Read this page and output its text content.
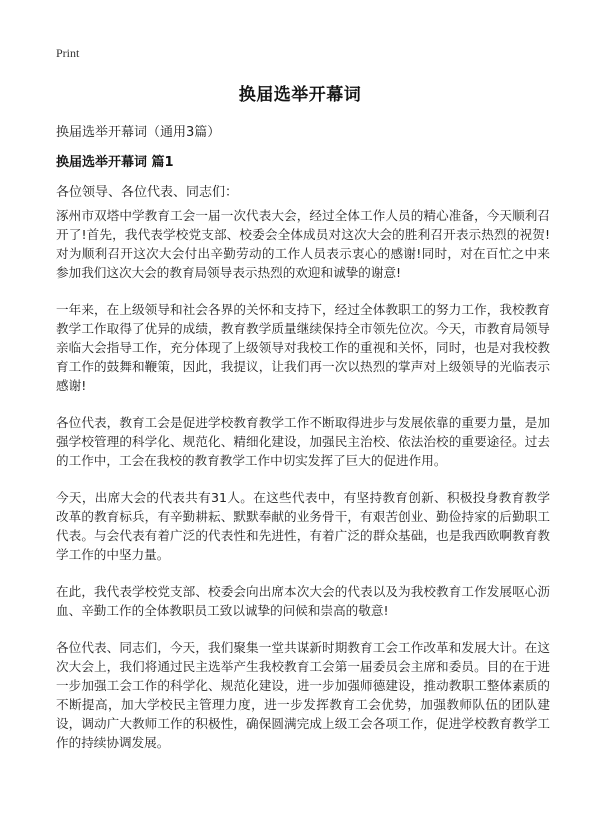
Print
换届选举开幕词
换届选举开幕词（通用3篇）
换届选举开幕词 篇1
各位领导、各位代表、同志们：

涿州市双塔中学教育工会一届一次代表大会，经过全体工作人员的精心准备，今天顺利召开了!首先，我代表学校党支部、校委会全体成员对这次大会的胜利召开表示热烈的祝贺!对为顺利召开这次大会付出辛勤劳动的工作人员表示衷心的感谢!同时，对在百忙之中来参加我们这次大会的教育局领导表示热烈的欢迎和诚挚的谢意!

一年来，在上级领导和社会各界的关怀和支持下，经过全体教职工的努力工作，我校教育教学工作取得了优异的成绩，教育教学质量继续保持全市领先位次。今天，市教育局领导亲临大会指导工作，充分体现了上级领导对我校工作的重视和关怀，同时，也是对我校教育工作的鼓舞和鞭策，因此，我提议，让我们再一次以热烈的掌声对上级领导的光临表示感谢!

各位代表，教育工会是促进学校教育教学工作不断取得进步与发展依靠的重要力量，是加强学校管理的科学化、规范化、精细化建设，加强民主治校、依法治校的重要途径。过去的工作中，工会在我校的教育教学工作中切实发挥了巨大的促进作用。

今天，出席大会的代表共有31人。在这些代表中，有坚持教育创新、积极投身教育教学改革的教育标兵，有辛勤耕耘、默默奉献的业务骨干，有艰苦创业、勤俭持家的后勤职工代表。与会代表有着广泛的代表性和先进性，有着广泛的群众基础，也是我西欧啊教育教学工作的中坚力量。

在此，我代表学校党支部、校委会向出席本次大会的代表以及为我校教育工作发展呕心沥血、辛勤工作的全体教职员工致以诚挚的问候和崇高的敬意!

各位代表、同志们，今天，我们聚集一堂共谋新时期教育工会工作改革和发展大计。在这次大会上，我们将通过民主选举产生我校教育工会第一届委员会主席和委员。目的在于进一步加强工会工作的科学化、规范化建设，进一步加强师德建设，推动教职工整体素质的不断提高，加大学校民主管理力度，进一步发挥教育工会优势，加强教师队伍的团队建设，调动广大教师工作的积极性，确保圆满完成上级工会各项工作，促进学校教育教学工作的持续协调发展。
